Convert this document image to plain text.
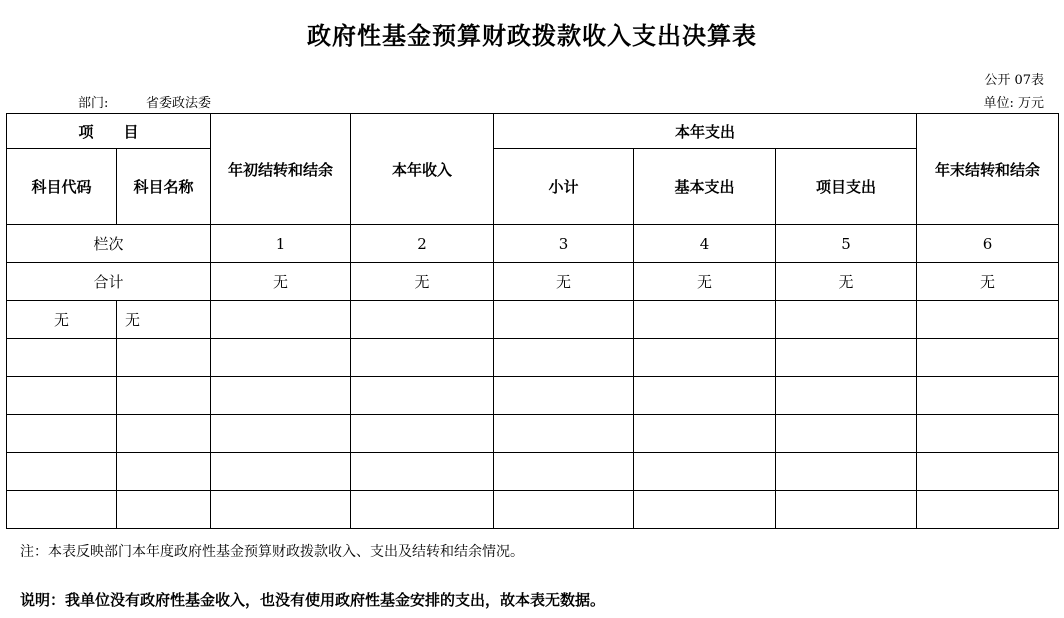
政府性基金预算财政拨款收入支出决算表
公开 07表
部门:	省委政法委	单位: 万元
项　　目		年初结转和结余	本年收入	本年支出			年末结转和结余
科目代码	科目名称			小计	基本支出	项目支出	
栏次		1	2	3	4	5	6
合计		无	无	无	无	无	无
无	无						

注：本表反映部门本年度政府性基金预算财政拨款收入、支出及结转和结余情况。
说明：我单位没有政府性基金收入，也没有使用政府性基金安排的支出，故本表无数据。
